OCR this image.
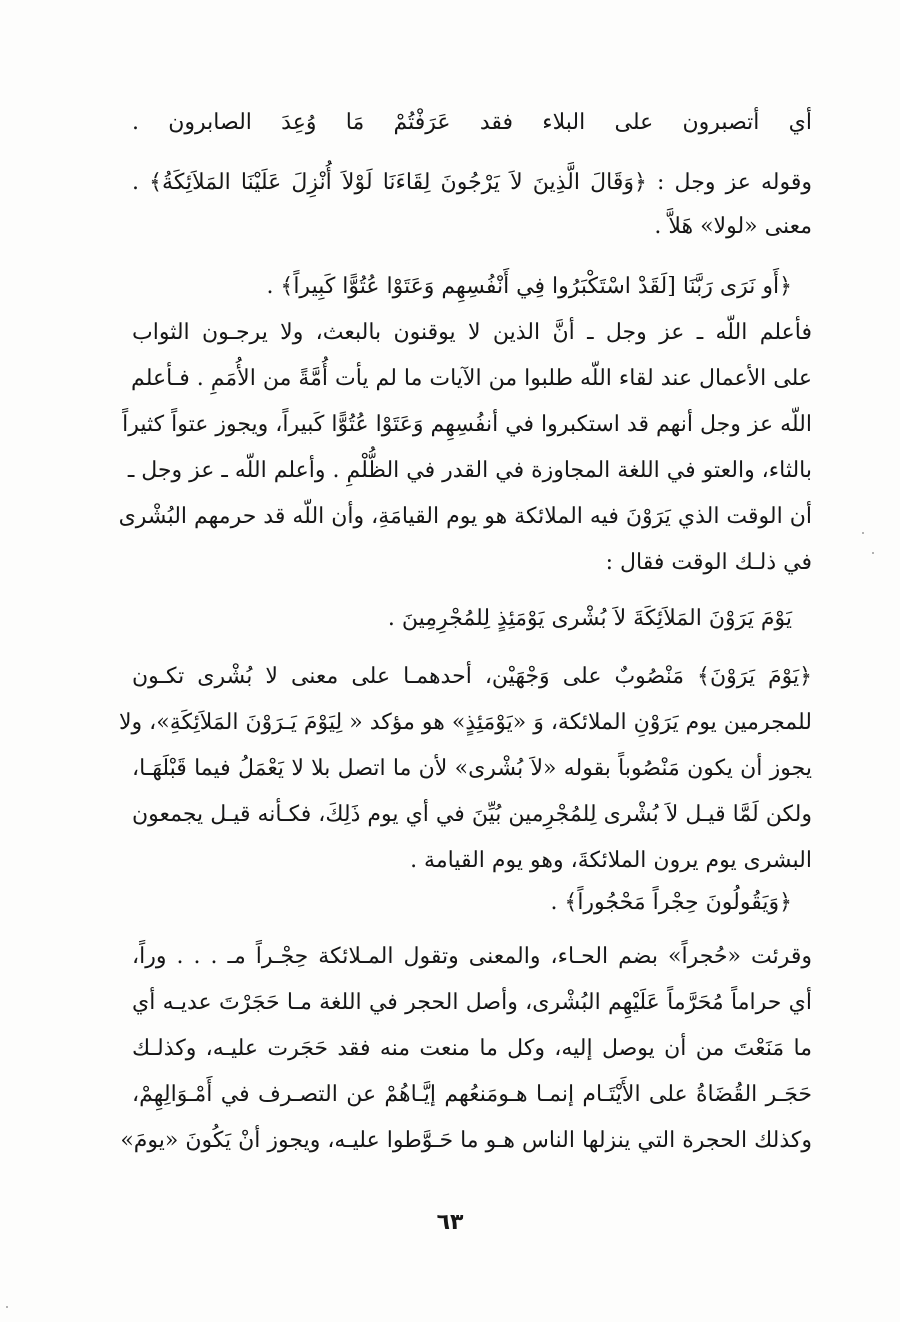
أي أتصبرون على البلاء فقد عَرَفْتُمْ مَا وُعِدَ الصابرون .
وقوله عز وجل : ﴿وَقَالَ الَّذِينَ لاَ يَرْجُونَ لِقَاءَنَا لَوْلاَ أُنْزِلَ عَلَيْنَا المَلاَئِكَةُ﴾ .
معنى «لولا» هَلاَّ .
﴿أَو نَرَى رَبَّنَا [لَقَدْ اسْتَكْبَرُوا فِي أَنْفُسِهِم وَعَتَوْا عُتُوًّا كَبِيراً﴾ .
فأعلم اللّه ـ عز وجل ـ أنَّ الذين لا يوقنون بالبعث، ولا يرجـون الثواب
على الأعمال عند لقاء اللّه طلبوا من الآيات ما لم يأت أُمَّةً من الأُمَمِ . فـأعلم
اللّه عز وجل أنهم قد استكبروا في أنفُسِهِم وَعَتَوْا عُتُوًّا كَبيراً، ويجوز عتواً كثيراً
بالثاء، والعتو في اللغة المجاوزة في القدر في الظُّلْمِ . وأعلم اللّه ـ عز وجل ـ
أن الوقت الذي يَرَوْنَ فيه الملائكة هو يوم القيامَةِ، وأن اللّه قد حرمهم البُشْرى
في ذلـك الوقت فقال :
يَوْمَ يَرَوْنَ المَلاَئِكَةَ لاَ بُشْرى يَوْمَئِذٍ لِلمُجْرِمِينَ .
﴿يَوْمَ يَرَوْنَ﴾ مَنْصُوبٌ على وَجْهَيْن، أحدهمـا على معنى لا بُشْرى تكـون
للمجرمين يوم يَرَوْنِ الملائكة، وَ «يَوْمَئِذٍ» هو مؤكد « لِيَوْمَ يَـرَوْنَ المَلاَئِكَةِ»، ولا
يجوز أن يكون مَنْصُوباً بقوله «لاَ بُشْرى» لأن ما اتصل بلا لا يَعْمَلُ فيما قَبْلَهَـا،
ولكن لَمَّا قيـل لاَ بُشْرى لِلمُجْرِمين بُيِّنَ في أي يوم ذَلِكَ، فكـأنه قيـل يجمعون
البشرى يوم يرون الملائكةَ، وهو يوم القيامة .
﴿وَيَقُولُونَ حِجْراً مَحْجُوراً﴾ .
وقرئت «حُجراً» بضم الحـاء، والمعنى وتقول المـلائكة حِجْـراً مـ . . . وراً،
أي حراماً مُحَرَّماً عَلَيْهِم البُشْرى، وأصل الحجر في اللغة مـا حَجَرْتَ عديـه أي
ما مَنَعْتَ من أن يوصل إليه، وكل ما منعت منه فقد حَجَرت عليـه، وكذلـك
حَجَـر القُضَاةُ على الأَيْتَـام إنمـا هـومَنعُهم إيَّـاهُمْ عن التصـرف في أَمْـوَالِهِمْ،
وكذلك الحجرة التي ينزلها الناس هـو ما حَـوَّطوا عليـه، ويجوز أنْ يَكُونَ «يومَ»
٦٣
